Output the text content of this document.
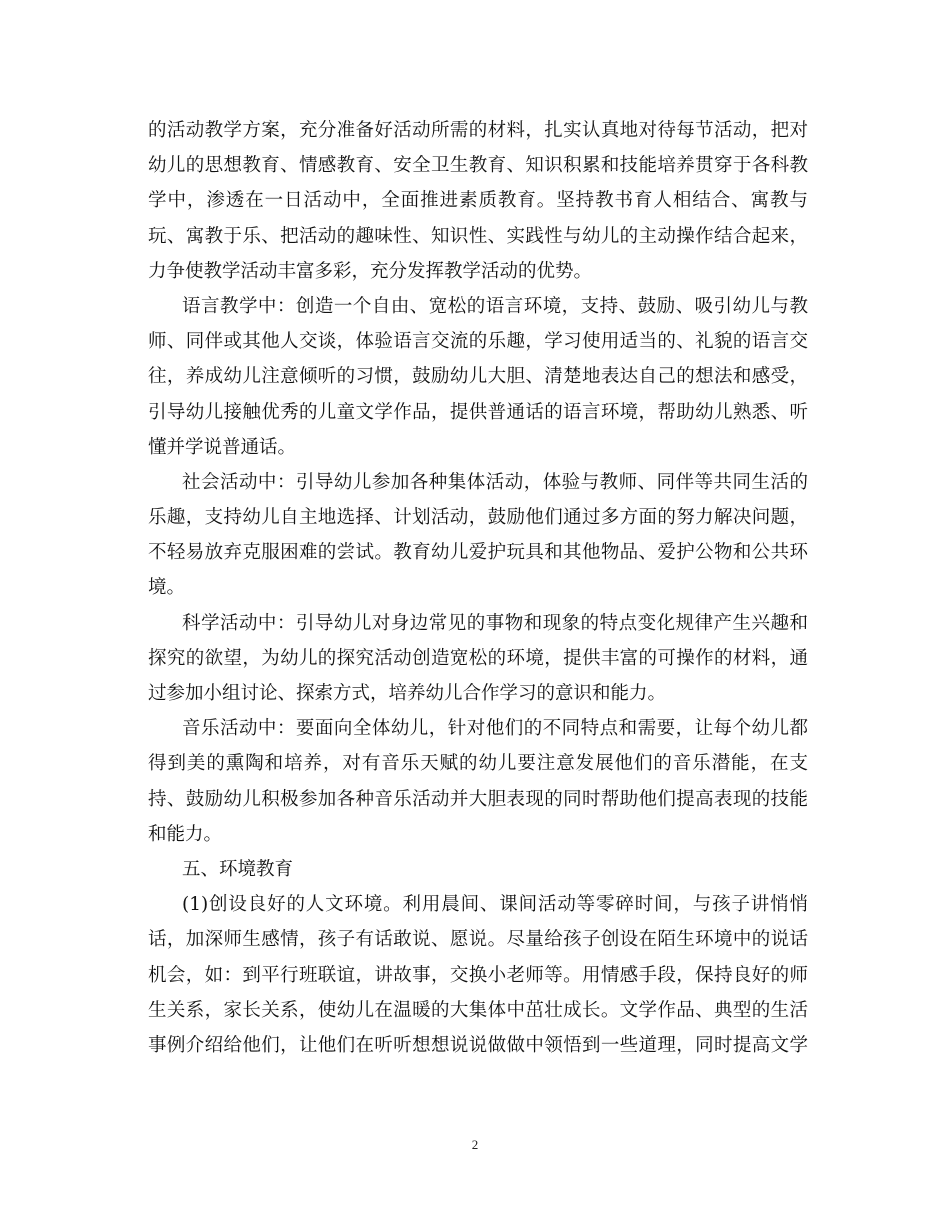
的活动教学方案，充分准备好活动所需的材料，扎实认真地对待每节活动，把对
幼儿的思想教育、情感教育、安全卫生教育、知识积累和技能培养贯穿于各科教
学中，渗透在一日活动中，全面推进素质教育。坚持教书育人相结合、寓教与
玩、寓教于乐、把活动的趣味性、知识性、实践性与幼儿的主动操作结合起来，
力争使教学活动丰富多彩，充分发挥教学活动的优势。
语言教学中：创造一个自由、宽松的语言环境，支持、鼓励、吸引幼儿与教
师、同伴或其他人交谈，体验语言交流的乐趣，学习使用适当的、礼貌的语言交
往，养成幼儿注意倾听的习惯，鼓励幼儿大胆、清楚地表达自己的想法和感受，
引导幼儿接触优秀的儿童文学作品，提供普通话的语言环境，帮助幼儿熟悉、听
懂并学说普通话。
社会活动中：引导幼儿参加各种集体活动，体验与教师、同伴等共同生活的
乐趣，支持幼儿自主地选择、计划活动，鼓励他们通过多方面的努力解决问题，
不轻易放弃克服困难的尝试。教育幼儿爱护玩具和其他物品、爱护公物和公共环
境。
科学活动中：引导幼儿对身边常见的事物和现象的特点变化规律产生兴趣和
探究的欲望，为幼儿的探究活动创造宽松的环境，提供丰富的可操作的材料，通
过参加小组讨论、探索方式，培养幼儿合作学习的意识和能力。
音乐活动中：要面向全体幼儿，针对他们的不同特点和需要，让每个幼儿都
得到美的熏陶和培养，对有音乐天赋的幼儿要注意发展他们的音乐潜能，在支
持、鼓励幼儿积极参加各种音乐活动并大胆表现的同时帮助他们提高表现的技能
和能力。
五、环境教育
(1)创设良好的人文环境。利用晨间、课间活动等零碎时间，与孩子讲悄悄
话，加深师生感情，孩子有话敢说、愿说。尽量给孩子创设在陌生环境中的说话
机会，如：到平行班联谊，讲故事，交换小老师等。用情感手段，保持良好的师
生关系，家长关系，使幼儿在温暖的大集体中茁壮成长。文学作品、典型的生活
事例介绍给他们，让他们在听听想想说说做做中领悟到一些道理，同时提高文学
2
